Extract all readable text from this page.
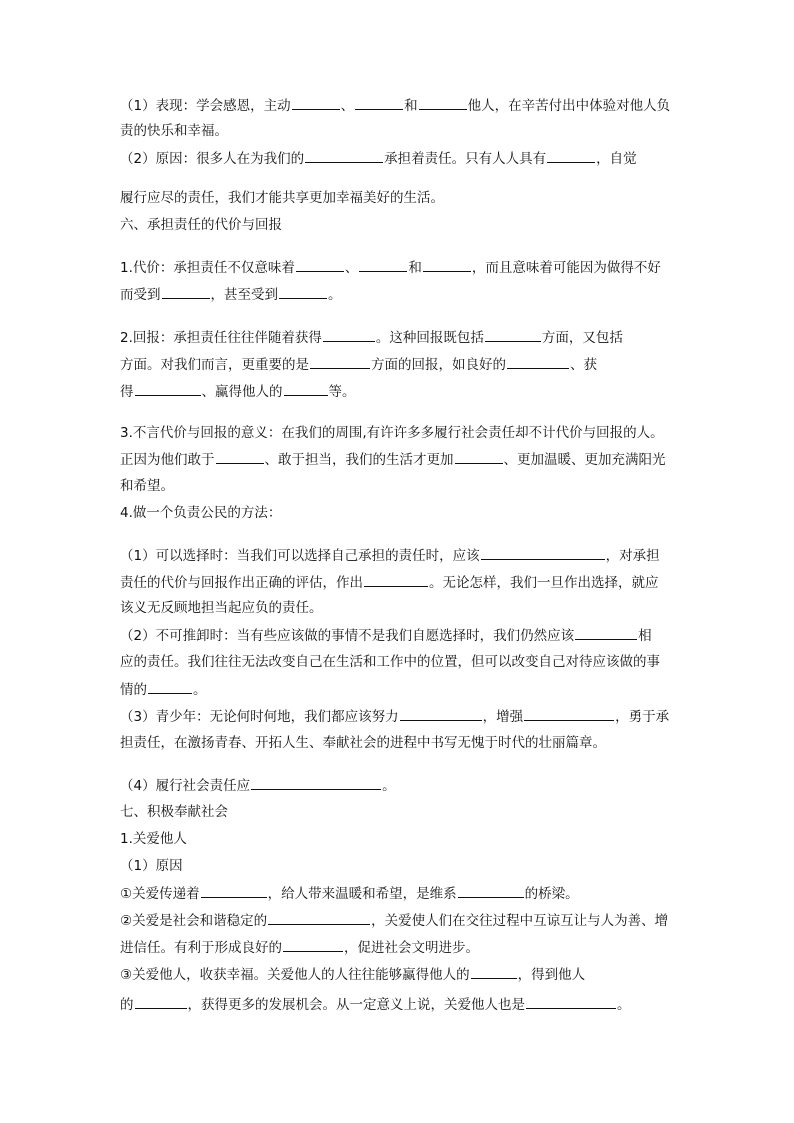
（1）表现：学会感恩，主动	、	和	他人，在辛苦付出中体验对他人负
责的快乐和幸福。
（2）原因：很多人在为我们的	承担着责任。只有人人具有	，自觉
履行应尽的责任，我们才能共享更加幸福美好的生活。
六、承担责任的代价与回报
1.代价：承担责任不仅意味着	、	和	，而且意味着可能因为做得不好
而受到	，甚至受到	。
2.回报：承担责任往往伴随着获得	。这种回报既包括	方面，又包括
方面。对我们而言，更重要的是	方面的回报，如良好的	、获
得	、赢得他人的	等。
3.不言代价与回报的意义：在我们的周围,有许许多多履行社会责任却不计代价与回报的人。
正因为他们敢于	、敢于担当，我们的生活才更加	、更加温暖、更加充满阳光
和希望。
4.做一个负责公民的方法：
（1）可以选择时：当我们可以选择自己承担的责任时，应该	，对承担
责任的代价与回报作出正确的评估，作出	。无论怎样，我们一旦作出选择，就应
该义无反顾地担当起应负的责任。
（2）不可推卸时：当有些应该做的事情不是我们自愿选择时，我们仍然应该	相
应的责任。我们往往无法改变自己在生活和工作中的位置，但可以改变自己对待应该做的事
情的	。
（3）青少年：无论何时何地，我们都应该努力	，增强	，勇于承
担责任，在激扬青春、开拓人生、奉献社会的进程中书写无愧于时代的壮丽篇章。
（4）履行社会责任应	。
七、积极奉献社会
1.关爱他人
（1）原因
①关爱传递着	，给人带来温暖和希望，是维系	的桥梁。
②关爱是社会和谐稳定的	，关爱使人们在交往过程中互谅互让与人为善、增
进信任。有利于形成良好的	，促进社会文明进步。
③关爱他人，收获幸福。关爱他人的人往往能够赢得他人的	，得到他人
的	，获得更多的发展机会。从一定意义上说，关爱他人也是	。
